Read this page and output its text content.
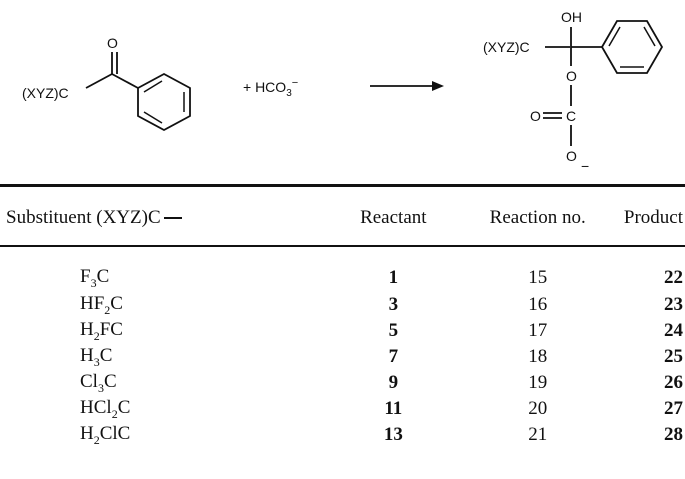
(XYZ)C
O
+ $HCO_3^-$
(XYZ)C
OH
O
C
O
O
−
Substituent (XYZ)C	Reactant	Reaction no.	Product
$F_3C$	1	15	22
$HF_2C$	3	16	23
$H_2FC$	5	17	24
$H_3C$	7	18	25
$Cl_3C$	9	19	26
HCl$_2$C	11	20	27
$H_2ClC$	13	21	28
